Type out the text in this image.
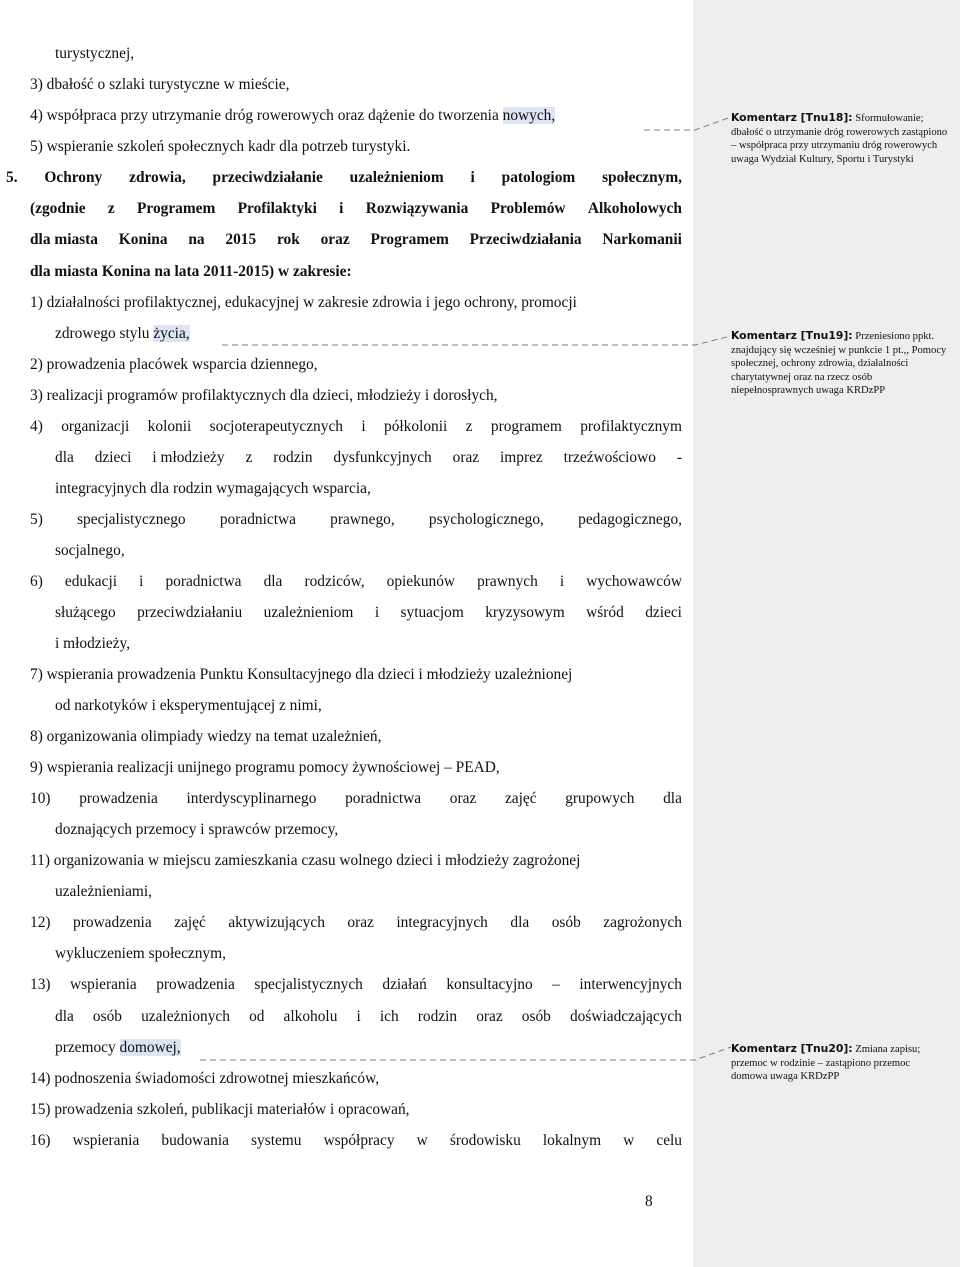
turystycznej,
3) dbałość o szlaki turystyczne w mieście,
4) współpraca przy utrzymanie dróg rowerowych oraz dążenie do tworzenia nowych,
5) wspieranie szkoleń społecznych kadr dla potrzeb turystyki.
5. Ochrony zdrowia, przeciwdziałanie uzależnieniom i patologiom społecznym,
(zgodnie z Programem Profilaktyki i Rozwiązywania Problemów Alkoholowych
dla miasta Konina na 2015 rok oraz Programem Przeciwdziałania Narkomanii
dla miasta Konina na lata 2011-2015) w zakresie:
1) działalności profilaktycznej, edukacyjnej w zakresie zdrowia i jego ochrony, promocji
zdrowego stylu życia,
2) prowadzenia placówek wsparcia dziennego,
3) realizacji programów profilaktycznych dla dzieci, młodzieży i dorosłych,
4) organizacji kolonii socjoterapeutycznych i półkolonii z programem profilaktycznym
dla dzieci i młodzieży z rodzin dysfunkcyjnych oraz imprez trzeźwościowo -
integracyjnych dla rodzin wymagających wsparcia,
5) specjalistycznego poradnictwa prawnego, psychologicznego, pedagogicznego,
socjalnego,
6) edukacji i poradnictwa dla rodziców, opiekunów prawnych i wychowawców
służącego przeciwdziałaniu uzależnieniom i sytuacjom kryzysowym wśród dzieci
i młodzieży,
7) wspierania prowadzenia Punktu Konsultacyjnego dla dzieci i młodzieży uzależnionej
od narkotyków i eksperymentującej z nimi,
8) organizowania olimpiady wiedzy na temat uzależnień,
9) wspierania realizacji unijnego programu pomocy żywnościowej – PEAD,
10) prowadzenia interdyscyplinarnego poradnictwa oraz zajęć grupowych dla
doznających przemocy i sprawców przemocy,
11) organizowania w miejscu zamieszkania czasu wolnego dzieci i młodzieży zagrożonej
uzależnieniami,
12) prowadzenia zajęć aktywizujących oraz integracyjnych dla osób zagrożonych
wykluczeniem społecznym,
13) wspierania prowadzenia specjalistycznych działań konsultacyjno – interwencyjnych
dla osób uzależnionych od alkoholu i ich rodzin oraz osób doświadczających
przemocy domowej,
14) podnoszenia świadomości zdrowotnej mieszkańców,
15) prowadzenia szkoleń, publikacji materiałów i opracowań,
16) wspierania budowania systemu współpracy w środowisku lokalnym w celu
8
Komentarz [Tnu18]: Sformułowanie; dbałość o utrzymanie dróg rowerowych zastąpiono – współpraca przy utrzymaniu dróg rowerowych uwaga Wydział Kultury, Sportu i Turystyki
Komentarz [Tnu19]: Przeniesiono ppkt. znajdujący się wcześniej w punkcie 1 pt.,, Pomocy społecznej, ochrony zdrowia, działalności charytatywnej oraz na rzecz osób niepełnosprawnych uwaga KRDzPP
Komentarz [Tnu20]: Zmiana zapisu; przemoc w rodzinie – zastąpiono przemoc domowa uwaga KRDzPP
